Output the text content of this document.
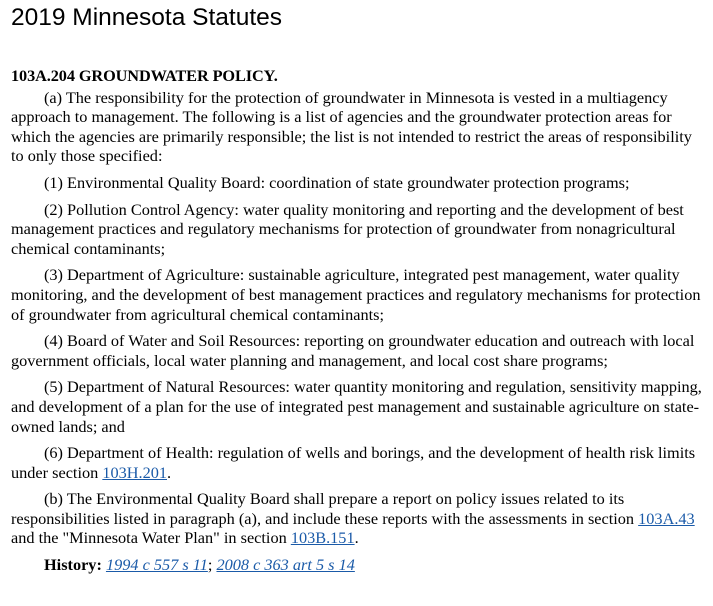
2019 Minnesota Statutes
103A.204 GROUNDWATER POLICY.

(a) The responsibility for the protection of groundwater in Minnesota is vested in a multiagency approach to management. The following is a list of agencies and the groundwater protection areas for which the agencies are primarily responsible; the list is not intended to restrict the areas of responsibility to only those specified:

(1) Environmental Quality Board: coordination of state groundwater protection programs;

(2) Pollution Control Agency: water quality monitoring and reporting and the development of best management practices and regulatory mechanisms for protection of groundwater from nonagricultural chemical contaminants;

(3) Department of Agriculture: sustainable agriculture, integrated pest management, water quality monitoring, and the development of best management practices and regulatory mechanisms for protection of groundwater from agricultural chemical contaminants;

(4) Board of Water and Soil Resources: reporting on groundwater education and outreach with local government officials, local water planning and management, and local cost share programs;

(5) Department of Natural Resources: water quantity monitoring and regulation, sensitivity mapping, and development of a plan for the use of integrated pest management and sustainable agriculture on state-owned lands; and

(6) Department of Health: regulation of wells and borings, and the development of health risk limits under section 103H.201.

(b) The Environmental Quality Board shall prepare a report on policy issues related to its responsibilities listed in paragraph (a), and include these reports with the assessments in section 103A.43 and the "Minnesota Water Plan" in section 103B.151.

History: 1994 c 557 s 11; 2008 c 363 art 5 s 14
